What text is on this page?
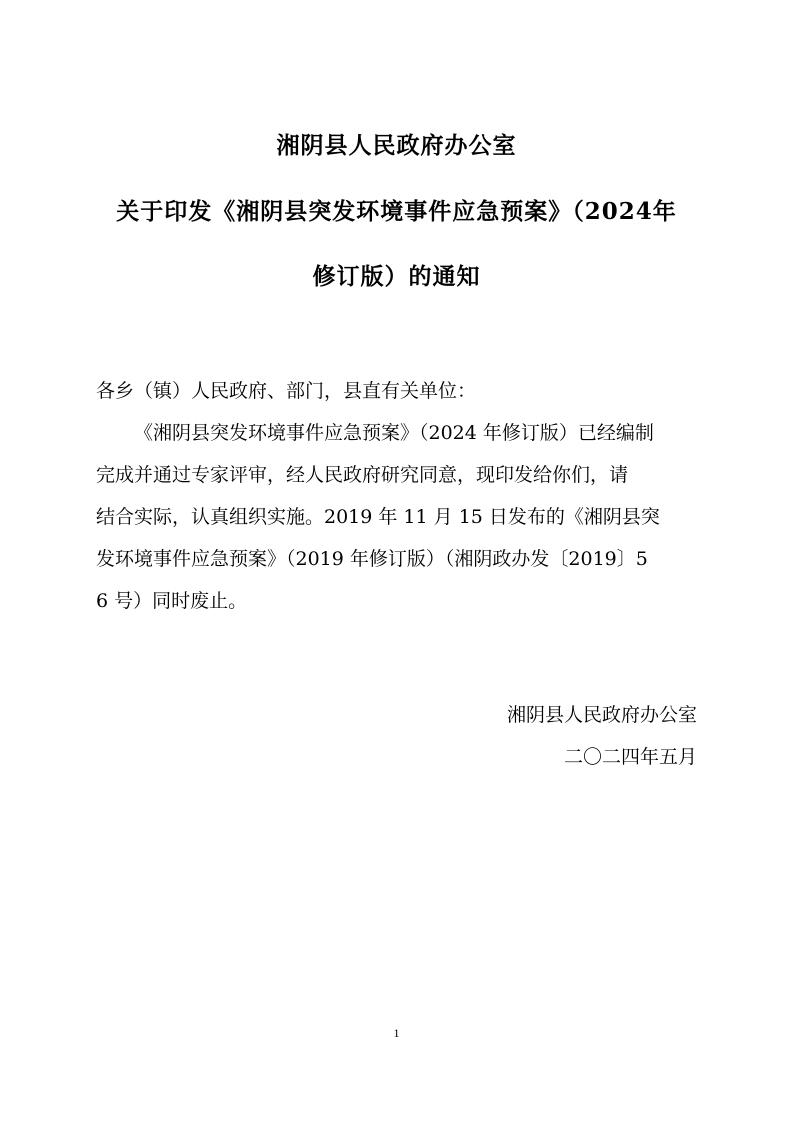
湘阴县人民政府办公室
关于印发《湘阴县突发环境事件应急预案》（2024年
修订版）的通知
各乡（镇）人民政府、部门，县直有关单位：
《湘阴县突发环境事件应急预案》（2024 年修订版）已经编制
完成并通过专家评审，经人民政府研究同意，现印发给你们，请
结合实际，认真组织实施。2019 年 11 月 15 日发布的《湘阴县突
发环境事件应急预案》（2019 年修订版）（湘阴政办发〔2019〕5
6 号）同时废止。
湘阴县人民政府办公室
二〇二四年五月
1
